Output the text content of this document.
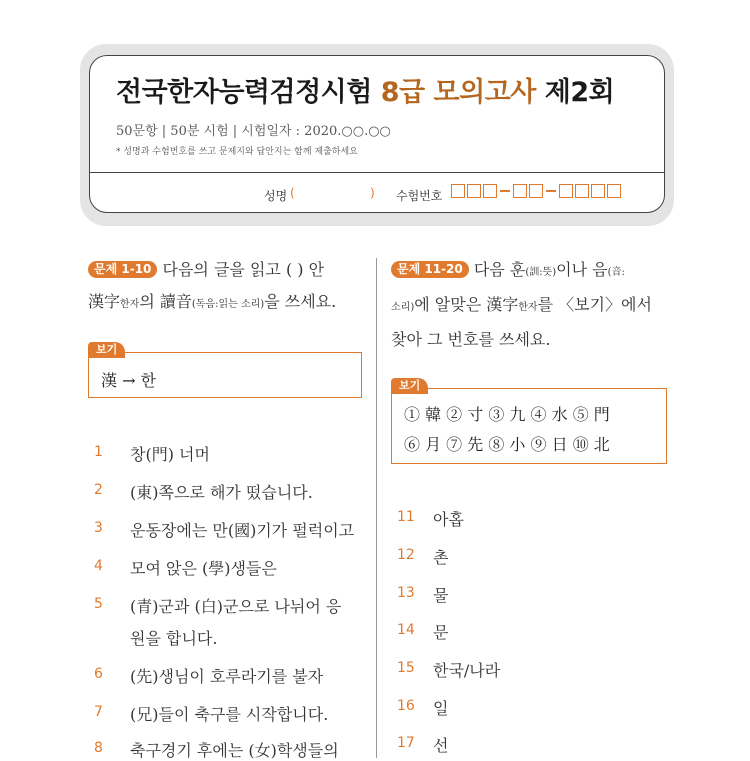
전국한자능력검정시험 8급 모의고사 제2회
50문항 | 50분 시험 | 시험일자 : 2020.○○.○○
* 성명과 수험번호를 쓰고 문제지와 답안지는 함께 제출하세요
성명 (	) 수험번호
문제 1-10 다음의 글을 읽고 ( ) 안
漢字한자의 讀音(독음:읽는 소리)을 쓰세요.
보기
漢 → 한
1 창(門) 너머
2 (東)쪽으로 해가 떴습니다.
3 운동장에는 만(國)기가 펄럭이고
4 모여 앉은 (學)생들은
5 (青)군과 (白)군으로 나뉘어 응
원을 합니다.
6 (先)생님이 호루라기를 불자
7 (兄)들이 축구를 시작합니다.
8 축구경기 후에는 (女)학생들의
문제 11-20 다음 훈(訓:뜻)이나 음(音:
소리)에 알맞은 漢字한자를 〈보기〉에서
찾아 그 번호를 쓰세요.
보기
① 韓 ② 寸 ③ 九 ④ 水 ⑤ 門
⑥ 月 ⑦ 先 ⑧ 小 ⑨ 日 ⑩ 北
11 아홉
12 촌
13 물
14 문
15 한국/나라
16 일
17 선
